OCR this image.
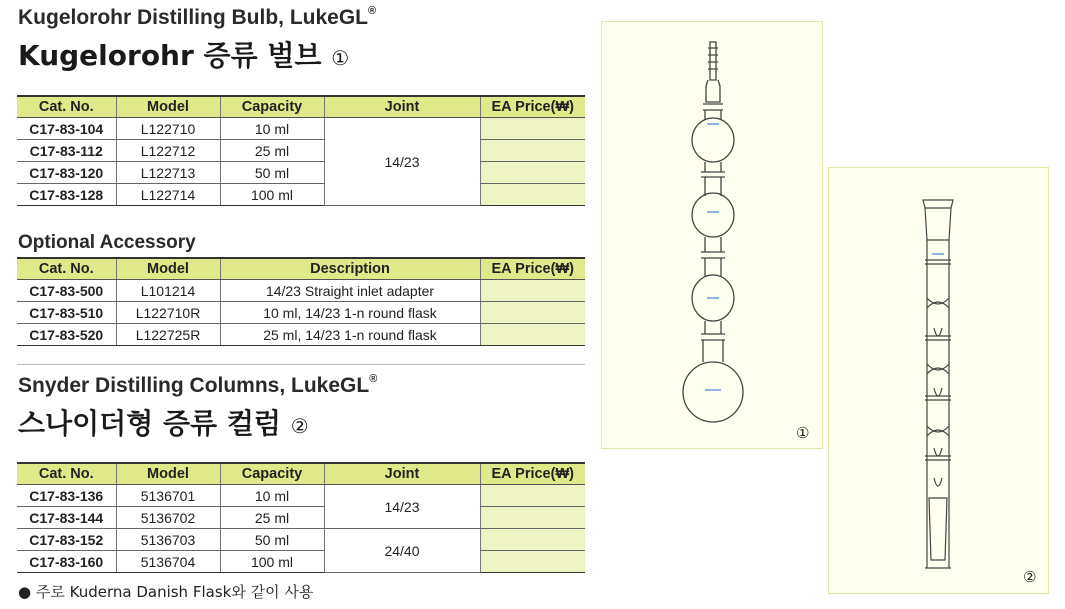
Kugelorohr Distilling Bulb, LukeGL®
Kugelorohr 증류 벌브 ①
Cat. No.	Model	Capacity	Joint	EA Price(₩)
C17-83-104	L122710	10 ml	14/23	
C17-83-112	L122712	25 ml		
C17-83-120	L122713	50 ml		
C17-83-128	L122714	100 ml		
Optional Accessory
Cat. No.	Model	Description	EA Price(₩)
C17-83-500	L101214	14/23 Straight inlet adapter	
C17-83-510	L122710R	10 ml, 14/23 1-n round flask	
C17-83-520	L122725R	25 ml, 14/23 1-n round flask	
Snyder Distilling Columns, LukeGL®
스나이더형 증류 컬럼 ②
Cat. No.	Model	Capacity	Joint	EA Price(₩)
C17-83-136	5136701	10 ml	14/23	
C17-83-144	5136702	25 ml		
C17-83-152	5136703	50 ml	24/40	
C17-83-160	5136704	100 ml		
● 주로 Kuderna Danish Flask와 같이 사용
①
②
